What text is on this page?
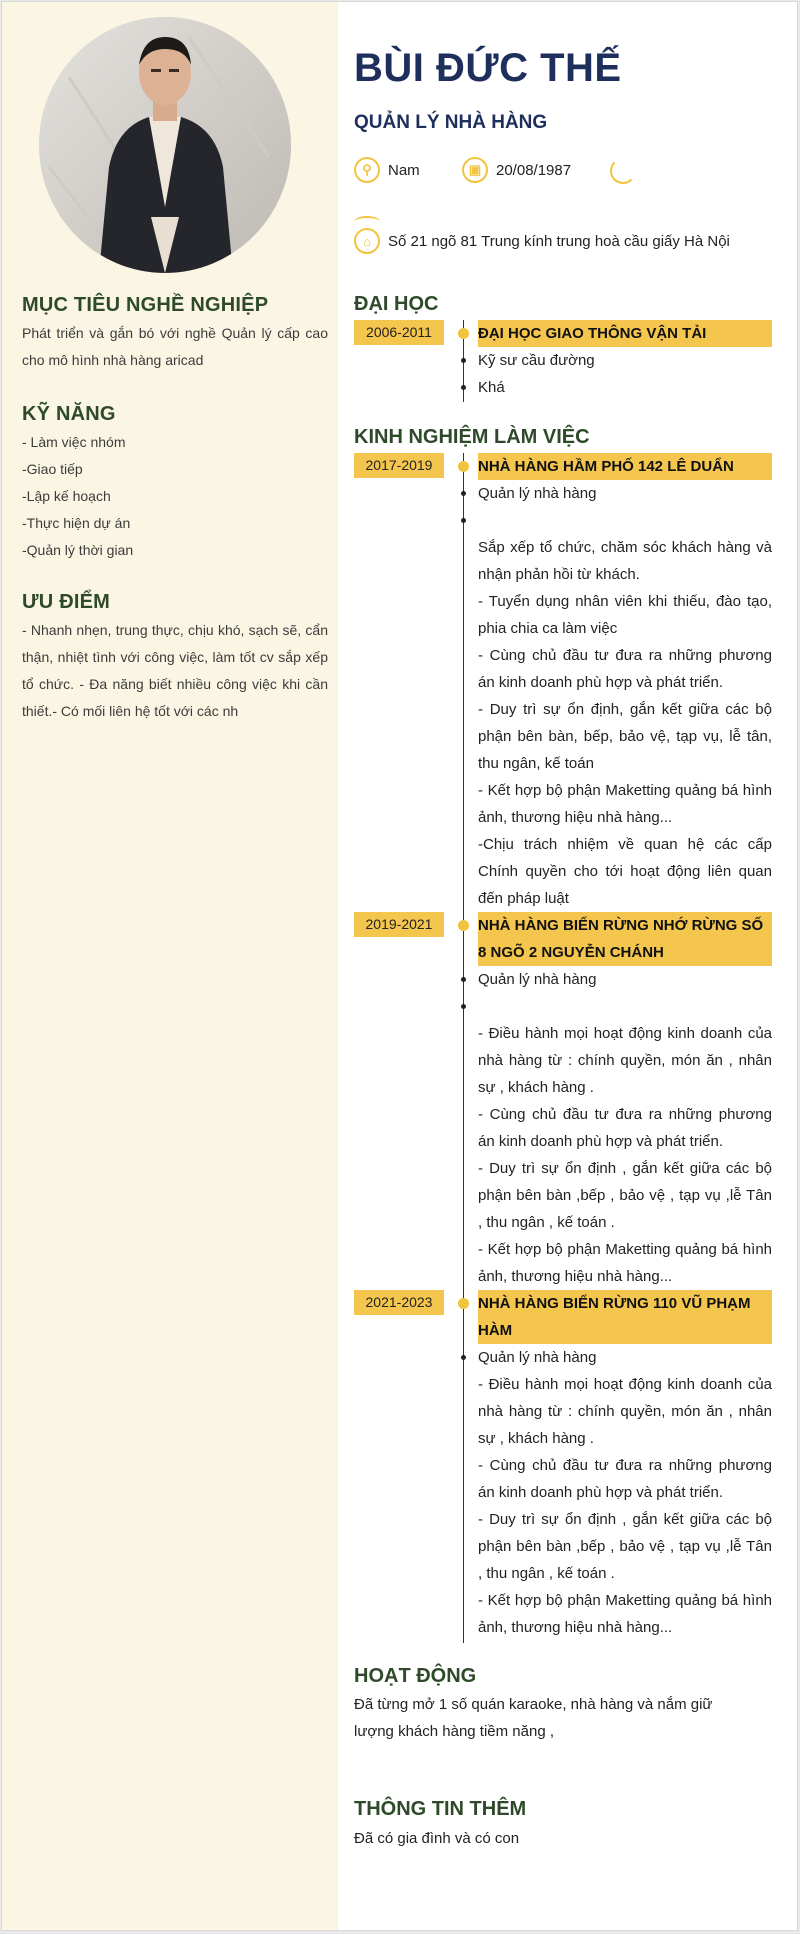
MỤC TIÊU NGHỀ NGHIỆP
Phát triển và gắn bó với nghề Quản lý cấp cao cho mô hình nhà hàng aricad
KỸ NĂNG
- Làm việc nhóm
-Giao tiếp
-Lập kế hoạch
-Thực hiện dự án
-Quản lý thời gian
ƯU ĐIỂM
- Nhanh nhẹn, trung thực, chịu khó, sạch sẽ, cẩn thận, nhiệt tình với công việc, làm tốt cv sắp xếp tổ chức. - Đa năng biết nhiều công việc khi cần thiết.- Có mối liên hệ tốt với các nh
BÙI ĐỨC THẾ
QUẢN LÝ NHÀ HÀNG
⚲	Nam	▣ 20/08/1987
⌂	Số 21 ngõ 81 Trung kính trung hoà cầu giấy Hà Nội
ĐẠI HỌC
2006-2011	ĐẠI HỌC GIAO THÔNG VẬN TẢI
Kỹ sư cầu đường
Khá
KINH NGHIỆM LÀM VIỆC
2017-2019	NHÀ HÀNG HẦM PHỐ 142 LÊ DUẨN
Quản lý nhà hàng
Sắp xếp tổ chức, chăm sóc khách hàng và nhận phản hồi từ khách.
- Tuyển dụng nhân viên khi thiếu, đào tạo, phia chia ca làm việc
- Cùng chủ đầu tư đưa ra những phương án kinh doanh phù hợp và phát triển.
- Duy trì sự ổn định, gắn kết giữa các bộ phận bên bàn, bếp, bảo vệ, tạp vụ, lễ tân, thu ngân, kế toán
- Kết hợp bộ phận Maketting quảng bá hình ảnh, thương hiệu nhà hàng...
-Chịu trách nhiệm về quan hệ các cấp Chính quyền cho tới hoạt động liên quan đến pháp luật
2019-2021	NHÀ HÀNG BIỂN RỪNG NHỚ RỪNG SỐ 8 NGÕ 2 NGUYỄN CHÁNH
Quản lý nhà hàng
- Điều hành mọi hoạt động kinh doanh của nhà hàng từ : chính quyền, món ăn , nhân sự , khách hàng .
- Cùng chủ đầu tư đưa ra những phương án kinh doanh phù hợp và phát triển.
- Duy trì sự ổn định , gắn kết giữa các bộ phận bên bàn ,bếp , bảo vệ , tạp vụ ,lễ Tân , thu ngân , kế toán .
- Kết hợp bộ phận Maketting quảng bá hình ảnh, thương hiệu nhà hàng...
2021-2023	NHÀ HÀNG BIỂN RỪNG 110 VŨ PHẠM HÀM
Quản lý nhà hàng
- Điều hành mọi hoạt động kinh doanh của nhà hàng từ : chính quyền, món ăn , nhân sự , khách hàng .
- Cùng chủ đầu tư đưa ra những phương án kinh doanh phù hợp và phát triển.
- Duy trì sự ổn định , gắn kết giữa các bộ phận bên bàn ,bếp , bảo vệ , tạp vụ ,lễ Tân , thu ngân , kế toán .
- Kết hợp bộ phận Maketting quảng bá hình ảnh, thương hiệu nhà hàng...
HOẠT ĐỘNG
Đã từng mở 1 số quán karaoke, nhà hàng và nắm giữ lượng khách hàng tiềm năng ,
THÔNG TIN THÊM
Đã có gia đình và có con
